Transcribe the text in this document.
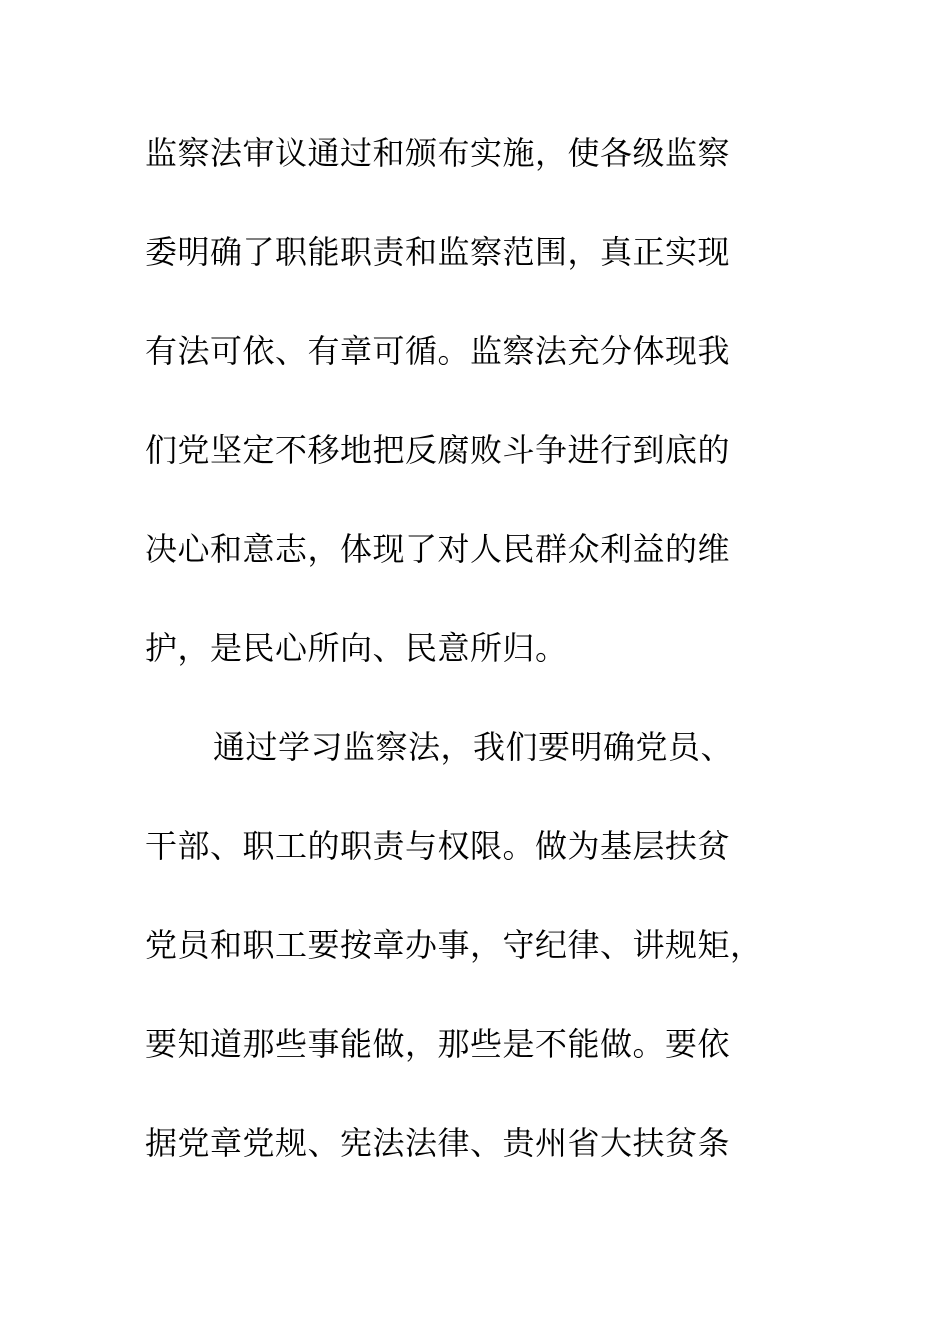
监察法审议通过和颁布实施，使各级监察
委明确了职能职责和监察范围，真正实现
有法可依、有章可循。监察法充分体现我
们党坚定不移地把反腐败斗争进行到底的
决心和意志，体现了对人民群众利益的维
护，是民心所向、民意所归。
通过学习监察法，我们要明确党员、
干部、职工的职责与权限。做为基层扶贫
党员和职工要按章办事，守纪律、讲规矩，
要知道那些事能做，那些是不能做。要依
据党章党规、宪法法律、贵州省大扶贫条
